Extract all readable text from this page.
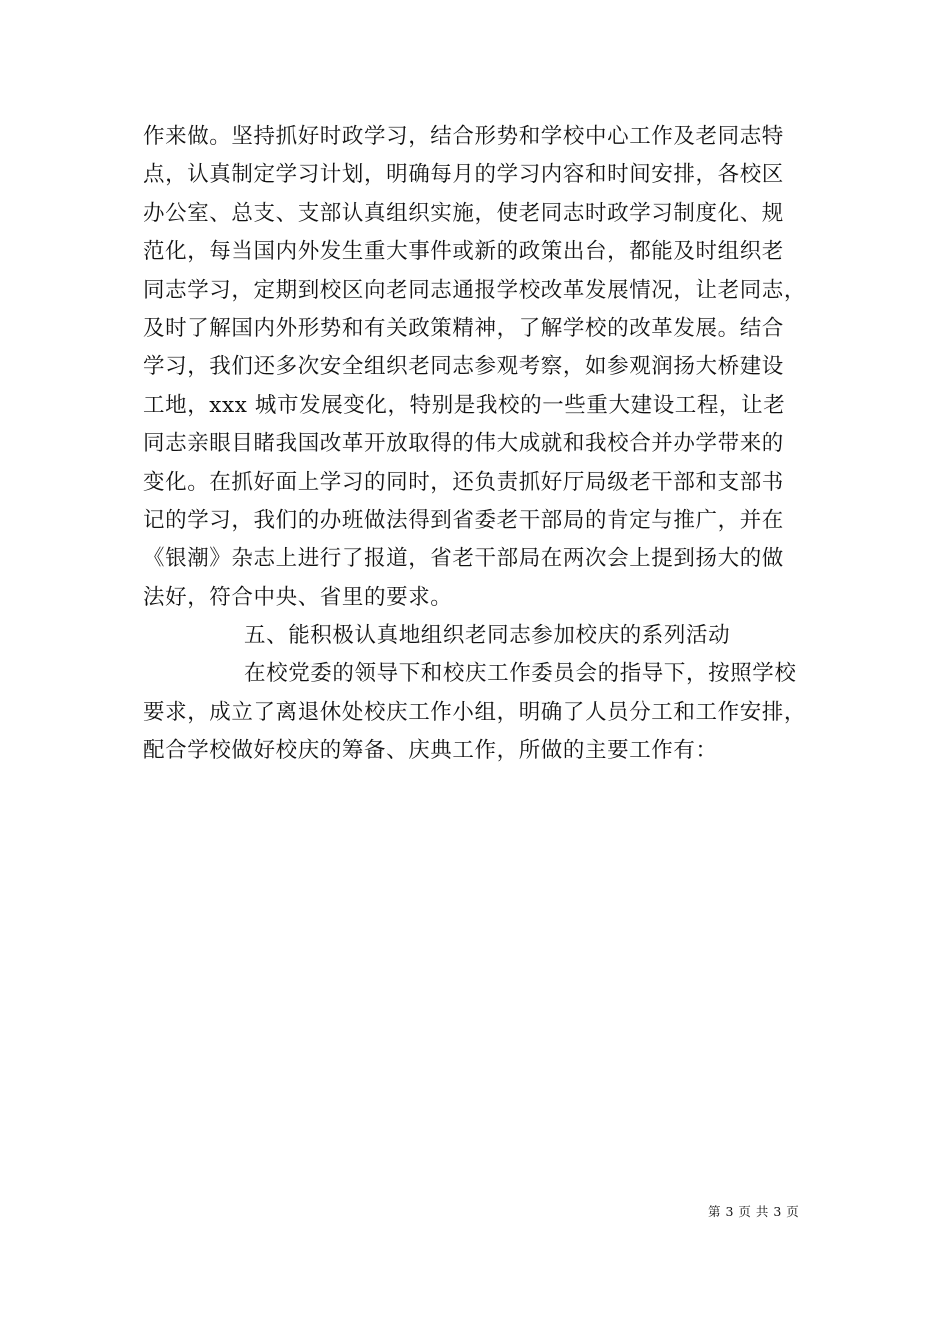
作来做。坚持抓好时政学习，结合形势和学校中心工作及老同志特
点，认真制定学习计划，明确每月的学习内容和时间安排，各校区
办公室、总支、支部认真组织实施，使老同志时政学习制度化、规
范化，每当国内外发生重大事件或新的政策出台，都能及时组织老
同志学习，定期到校区向老同志通报学校改革发展情况，让老同志，
及时了解国内外形势和有关政策精神，了解学校的改革发展。结合
学习，我们还多次安全组织老同志参观考察，如参观润扬大桥建设
工地，xxx 城市发展变化，特别是我校的一些重大建设工程，让老
同志亲眼目睹我国改革开放取得的伟大成就和我校合并办学带来的
变化。在抓好面上学习的同时，还负责抓好厅局级老干部和支部书
记的学习，我们的办班做法得到省委老干部局的肯定与推广，并在
《银潮》杂志上进行了报道，省老干部局在两次会上提到扬大的做
法好，符合中央、省里的要求。
五、能积极认真地组织老同志参加校庆的系列活动
在校党委的领导下和校庆工作委员会的指导下，按照学校
要求，成立了离退休处校庆工作小组，明确了人员分工和工作安排，
配合学校做好校庆的筹备、庆典工作，所做的主要工作有：
第 3 页 共 3 页
